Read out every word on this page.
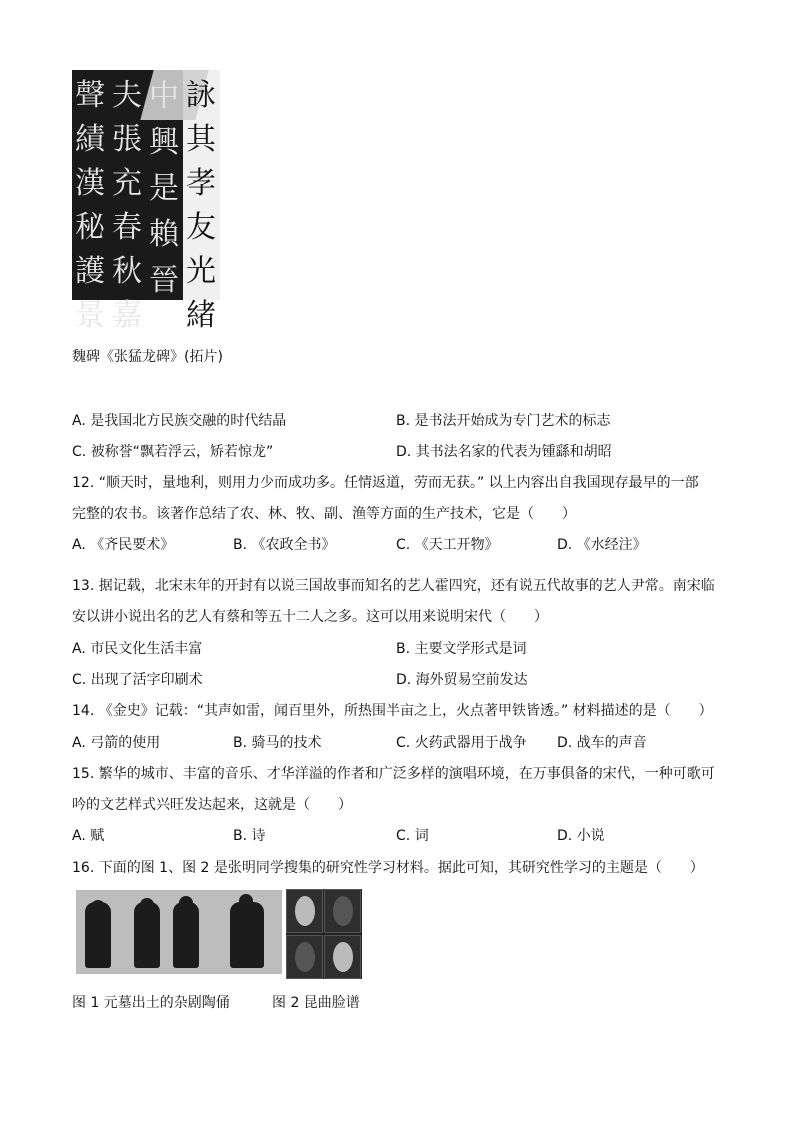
聲
績
漢
秘
護
景
夫
張
充
春
秋
嘉
中
興
是
賴
晉
詠
其
孝
友
光
緒
魏碑《张猛龙碑》(拓片)
A. 是我国北方民族交融的时代结晶	B. 是书法开始成为专门艺术的标志
C. 被称誉“飘若浮云，矫若惊龙”	D. 其书法名家的代表为锺繇和胡昭
12. “顺天时，量地利，则用力少而成功多。任情返道，劳而无获。” 以上内容出自我国现存最早的一部
完整的农书。该著作总结了农、林、牧、副、渔等方面的生产技术，它是（　　）
A. 《齐民要术》	B. 《农政全书》	C. 《天工开物》	D. 《水经注》
13. 据记载，北宋末年的开封有以说三国故事而知名的艺人霍四究，还有说五代故事的艺人尹常。南宋临
安以讲小说出名的艺人有蔡和等五十二人之多。这可以用来说明宋代（　　）
A. 市民文化生活丰富	B. 主要文学形式是词
C. 出现了活字印刷术	D. 海外贸易空前发达
14. 《金史》记载：“其声如雷，闻百里外，所热围半亩之上，火点著甲铁皆透。” 材料描述的是（　　）
A. 弓箭的使用	B. 骑马的技术	C. 火药武器用于战争 D. 战车的声音
15. 繁华的城市、丰富的音乐、才华洋溢的作者和广泛多样的演唱环境，在万事俱备的宋代，一种可歌可
吟的文艺样式兴旺发达起来，这就是（　　）
A. 赋	B. 诗	C. 词	D. 小说
16. 下面的图 1、图 2 是张明同学搜集的研究性学习材料。据此可知，其研究性学习的主题是（　　）
图 1 元墓出土的杂剧陶俑	图 2 昆曲脸谱
